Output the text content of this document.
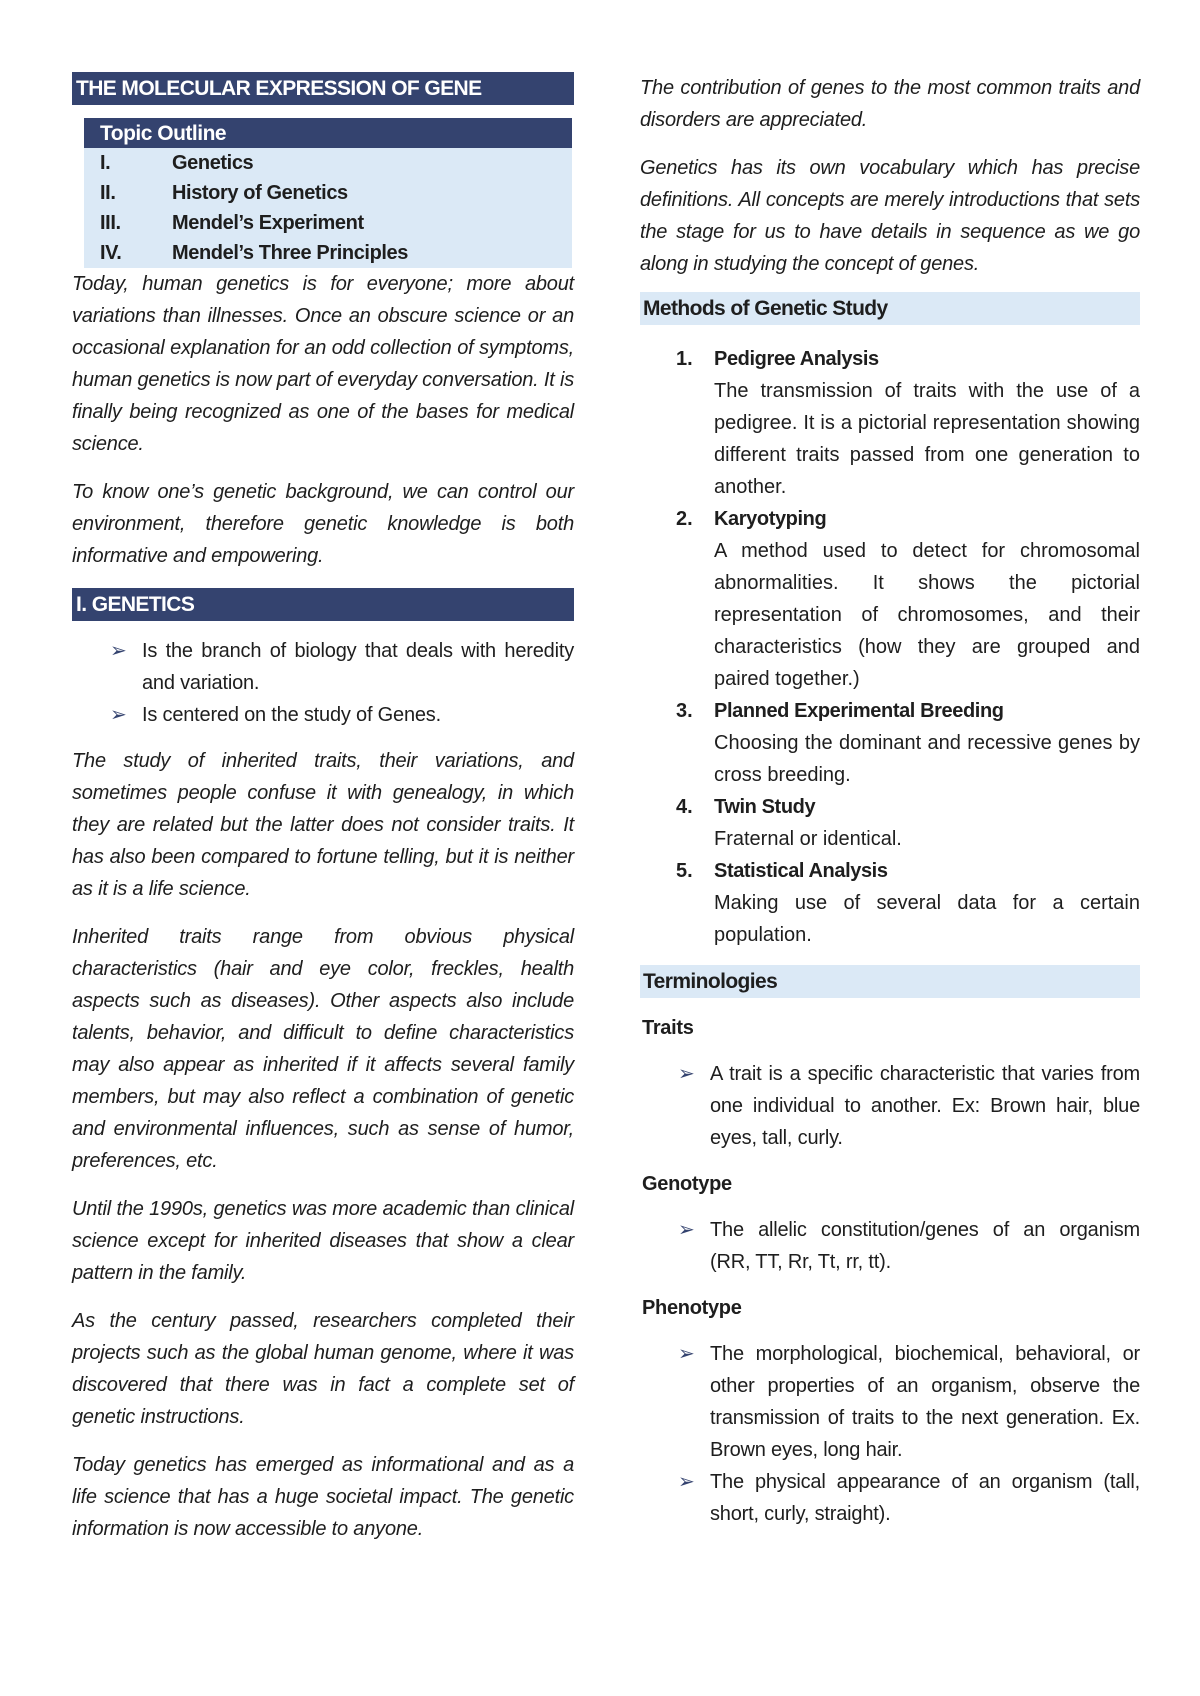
THE MOLECULAR EXPRESSION OF GENE
Topic Outline
I.	Genetics
II.	History of Genetics
III.	Mendel’s Experiment
IV.	Mendel’s Three Principles

Today, human genetics is for everyone; more about variations than illnesses. Once an obscure science or an occasional explanation for an odd collection of symptoms, human genetics is now part of everyday conversation. It is finally being recognized as one of the bases for medical science.

To know one’s genetic background, we can control our environment, therefore genetic knowledge is both informative and empowering.

I. GENETICS
➢ Is the branch of biology that deals with heredity and variation.
➢ Is centered on the study of Genes.

The study of inherited traits, their variations, and sometimes people confuse it with genealogy, in which they are related but the latter does not consider traits. It has also been compared to fortune telling, but it is neither as it is a life science.

Inherited traits range from obvious physical characteristics (hair and eye color, freckles, health aspects such as diseases). Other aspects also include talents, behavior, and difficult to define characteristics may also appear as inherited if it affects several family members, but may also reflect a combination of genetic and environmental influences, such as sense of humor, preferences, etc.

Until the 1990s, genetics was more academic than clinical science except for inherited diseases that show a clear pattern in the family.

As the century passed, researchers completed their projects such as the global human genome, where it was discovered that there was in fact a complete set of genetic instructions.

Today genetics has emerged as informational and as a life science that has a huge societal impact. The genetic information is now accessible to anyone.

The contribution of genes to the most common traits and disorders are appreciated.

Genetics has its own vocabulary which has precise definitions. All concepts are merely introductions that sets the stage for us to have details in sequence as we go along in studying the concept of genes.

Methods of Genetic Study
1. Pedigree Analysis
The transmission of traits with the use of a pedigree. It is a pictorial representation showing different traits passed from one generation to another.
2. Karyotyping
A method used to detect for chromosomal abnormalities. It shows the pictorial representation of chromosomes, and their characteristics (how they are grouped and paired together.)
3. Planned Experimental Breeding
Choosing the dominant and recessive genes by cross breeding.
4. Twin Study
Fraternal or identical.
5. Statistical Analysis
Making use of several data for a certain population.
Terminologies
Traits
➢ A trait is a specific characteristic that varies from one individual to another. Ex: Brown hair, blue eyes, tall, curly.
Genotype
➢ The allelic constitution/genes of an organism (RR, TT, Rr, Tt, rr, tt).
Phenotype
➢ The morphological, biochemical, behavioral, or other properties of an organism, observe the transmission of traits to the next generation. Ex. Brown eyes, long hair.
➢ The physical appearance of an organism (tall, short, curly, straight).
